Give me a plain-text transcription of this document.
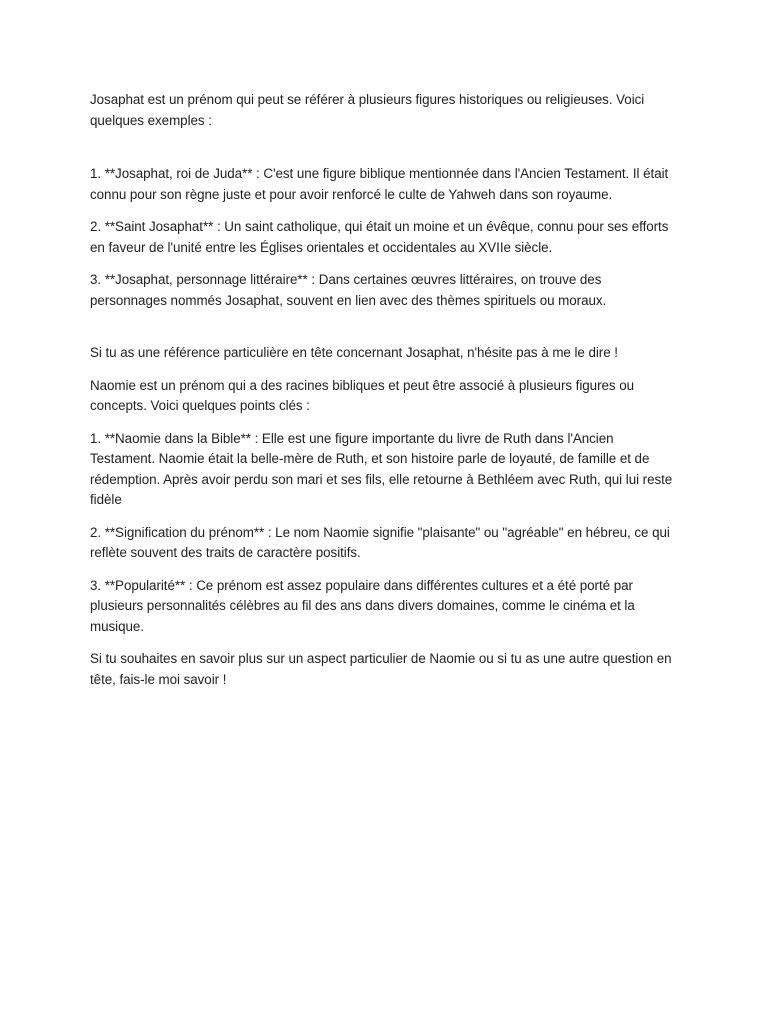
Josaphat est un prénom qui peut se référer à plusieurs figures historiques ou religieuses. Voici quelques exemples :

1. **Josaphat, roi de Juda** : C'est une figure biblique mentionnée dans l'Ancien Testament. Il était connu pour son règne juste et pour avoir renforcé le culte de Yahweh dans son royaume.

2. **Saint Josaphat** : Un saint catholique, qui était un moine et un évêque, connu pour ses efforts en faveur de l'unité entre les Églises orientales et occidentales au XVIIe siècle.

3. **Josaphat, personnage littéraire** : Dans certaines œuvres littéraires, on trouve des personnages nommés Josaphat, souvent en lien avec des thèmes spirituels ou moraux.

Si tu as une référence particulière en tête concernant Josaphat, n'hésite pas à me le dire !

Naomie est un prénom qui a des racines bibliques et peut être associé à plusieurs figures ou concepts. Voici quelques points clés :

1. **Naomie dans la Bible** : Elle est une figure importante du livre de Ruth dans l'Ancien Testament. Naomie était la belle-mère de Ruth, et son histoire parle de loyauté, de famille et de rédemption. Après avoir perdu son mari et ses fils, elle retourne à Bethléem avec Ruth, qui lui reste fidèle

2. **Signification du prénom** : Le nom Naomie signifie "plaisante" ou "agréable" en hébreu, ce qui reflète souvent des traits de caractère positifs.

3. **Popularité** : Ce prénom est assez populaire dans différentes cultures et a été porté par plusieurs personnalités célèbres au fil des ans dans divers domaines, comme le cinéma et la musique.

Si tu souhaites en savoir plus sur un aspect particulier de Naomie ou si tu as une autre question en tête, fais-le moi savoir !
